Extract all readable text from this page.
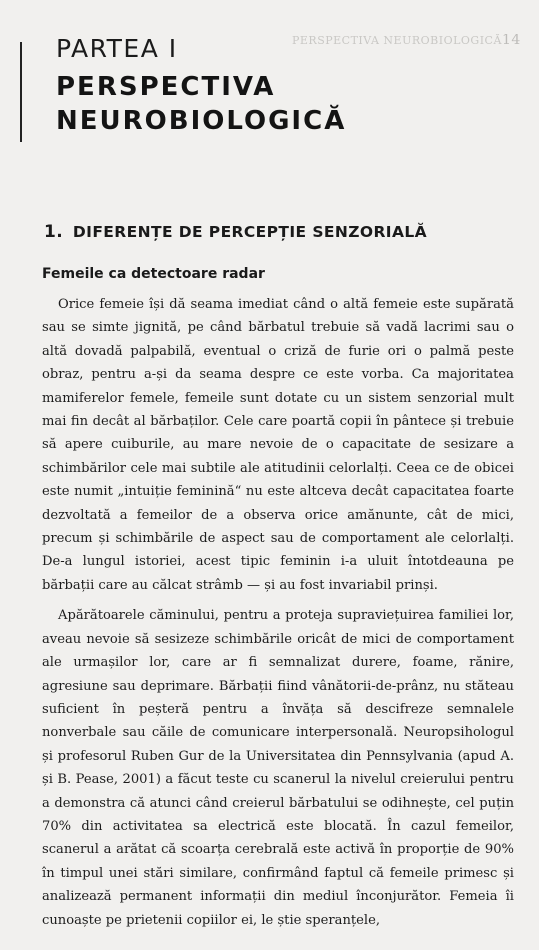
PERSPECTIVA NEUROBIOLOGICĂ 14
PARTEA I
PERSPECTIVA
NEUROBIOLOGICĂ
1. DIFERENȚE DE PERCEPȚIE SENZORIALĂ
Femeile ca detectoare radar

Orice femeie își dă seama imediat când o altă femeie este supărată sau se simte jignită, pe când bărbatul trebuie să vadă lacrimi sau o altă dovadă palpabilă, eventual o criză de furie ori o palmă peste obraz, pentru a-și da seama despre ce este vorba. Ca majoritatea mamiferelor femele, femeile sunt dotate cu un sistem senzorial mult mai fin decât al bărbaților. Cele care poartă copii în pântece și trebuie să apere cuiburile, au mare nevoie de o capacitate de sesizare a schimbărilor cele mai subtile ale atitudinii celorlalți. Ceea ce de obicei este numit „intuiție feminină“ nu este altceva decât capacitatea foarte dezvoltată a femeilor de a observa orice amănunte, cât de mici, precum și schimbările de aspect sau de comportament ale celorlalți. De-a lungul istoriei, acest tipic feminin i-a uluit întotdeauna pe bărbații care au călcat strâmb — și au fost invariabil prinși.

Apărătoarele căminului, pentru a proteja supraviețuirea familiei lor, aveau nevoie să sesizeze schimbările oricât de mici de comportament ale urmașilor lor, care ar fi semnalizat durere, foame, rănire, agresiune sau deprimare. Bărbații fiind vânătorii-de-prânz, nu stăteau suficient în peșteră pentru a învăța să descifreze semnalele nonverbale sau căile de comunicare interpersonală. Neuropsihologul și profesorul Ruben Gur de la Universitatea din Pennsylvania (apud A. și B. Pease, 2001) a făcut teste cu scanerul la nivelul creierului pentru a demonstra că atunci când creierul bărbatului se odihnește, cel puțin 70% din activitatea sa electrică este blocată. În cazul femeilor, scanerul a arătat că scoarța cerebrală este activă în proporție de 90% în timpul unei stări similare, confirmând faptul că femeile primesc și analizează permanent informații din mediul înconjurător. Femeia îi cunoaște pe prietenii copiilor ei, le știe speranțele,
